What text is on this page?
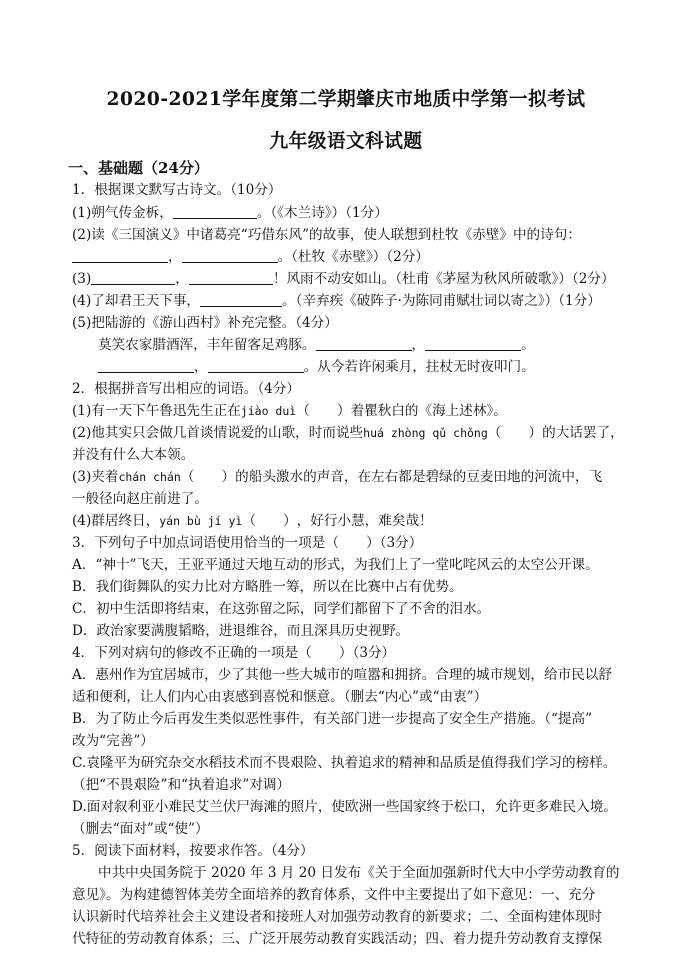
2020-2021学年度第二学期肇庆市地质中学第一拟考试
九年级语文科试题
一、基础题（24分）
1．根据课文默写古诗文。（10分）
(1)朔气传金柝，	。（《木兰诗》）（1分）
(2)读《三国演义》中诸葛亮“巧借东风”的故事，使人联想到杜牧《赤壁》中的诗句：
，	。（杜牧《赤壁》）（2分）
(3)	，	！风雨不动安如山。（杜甫《茅屋为秋风所破歌》）（2分）
(4)了却君王天下事，	。（辛弃疾《破阵子·为陈同甫赋壮词以寄之》）（1分）
(5)把陆游的《游山西村》补充完整。（4分）
莫笑农家腊酒浑，丰年留客足鸡豚。	，	。
，	。从今若许闲乘月，拄杖无时夜叩门。
2．根据拼音写出相应的词语。（4分）
(1)有一天下午鲁迅先生正在jiào duì（　　）着瞿秋白的《海上述林》。
(2)他其实只会做几首谈情说爱的山歌，时而说些huá zhòng qǔ chǒng（　　）的大话罢了，
并没有什么大本领。
(3)夹着chán chán（　　）的船头激水的声音，在左右都是碧绿的豆麦田地的河流中，飞
一般径向赵庄前进了。
(4)群居终日，yán bù jí yì（　　），好行小慧，难矣哉！
3．下列句子中加点词语使用恰当的一项是（　　）（3分）
A．“神十”飞天，王亚平通过天地互动的形式，为我们上了一堂叱咤风云的太空公开课。
B．我们街舞队的实力比对方略胜一筹，所以在比赛中占有优势。
C．初中生活即将结束，在这弥留之际，同学们都留下了不舍的泪水。
D．政治家要满腹韬略，进退维谷，而且深具历史视野。
4．下列对病句的修改不正确的一项是（　　）（3分）
A．惠州作为宜居城市，少了其他一些大城市的喧嚣和拥挤。合理的城市规划，给市民以舒
适和便利，让人们内心由衷感到喜悦和惬意。（删去“内心”或“由衷”）
B．为了防止今后再发生类似恶性事件，有关部门进一步提高了安全生产措施。（“提高”
改为“完善”）
C.袁隆平为研究杂交水稻技术而不畏艰险、执着追求的精神和品质是值得我们学习的榜样。
（把“不畏艰险”和“执着追求”对调）
D.面对叙利亚小难民艾兰伏尸海滩的照片，使欧洲一些国家终于松口，允许更多难民入境。
（删去“面对”或“使”）
5．阅读下面材料，按要求作答。（4分）
中共中央国务院于 2020 年 3 月 20 日发布《关于全面加强新时代大中小学劳动教育的
意见》。为构建德智体美劳全面培养的教育体系，文件中主要提出了如下意见：一、充分
认识新时代培养社会主义建设者和接班人对加强劳动教育的新要求；二、全面构建体现时
代特征的劳动教育体系；三、广泛开展劳动教育实践活动；四、着力提升劳动教育支撑保
